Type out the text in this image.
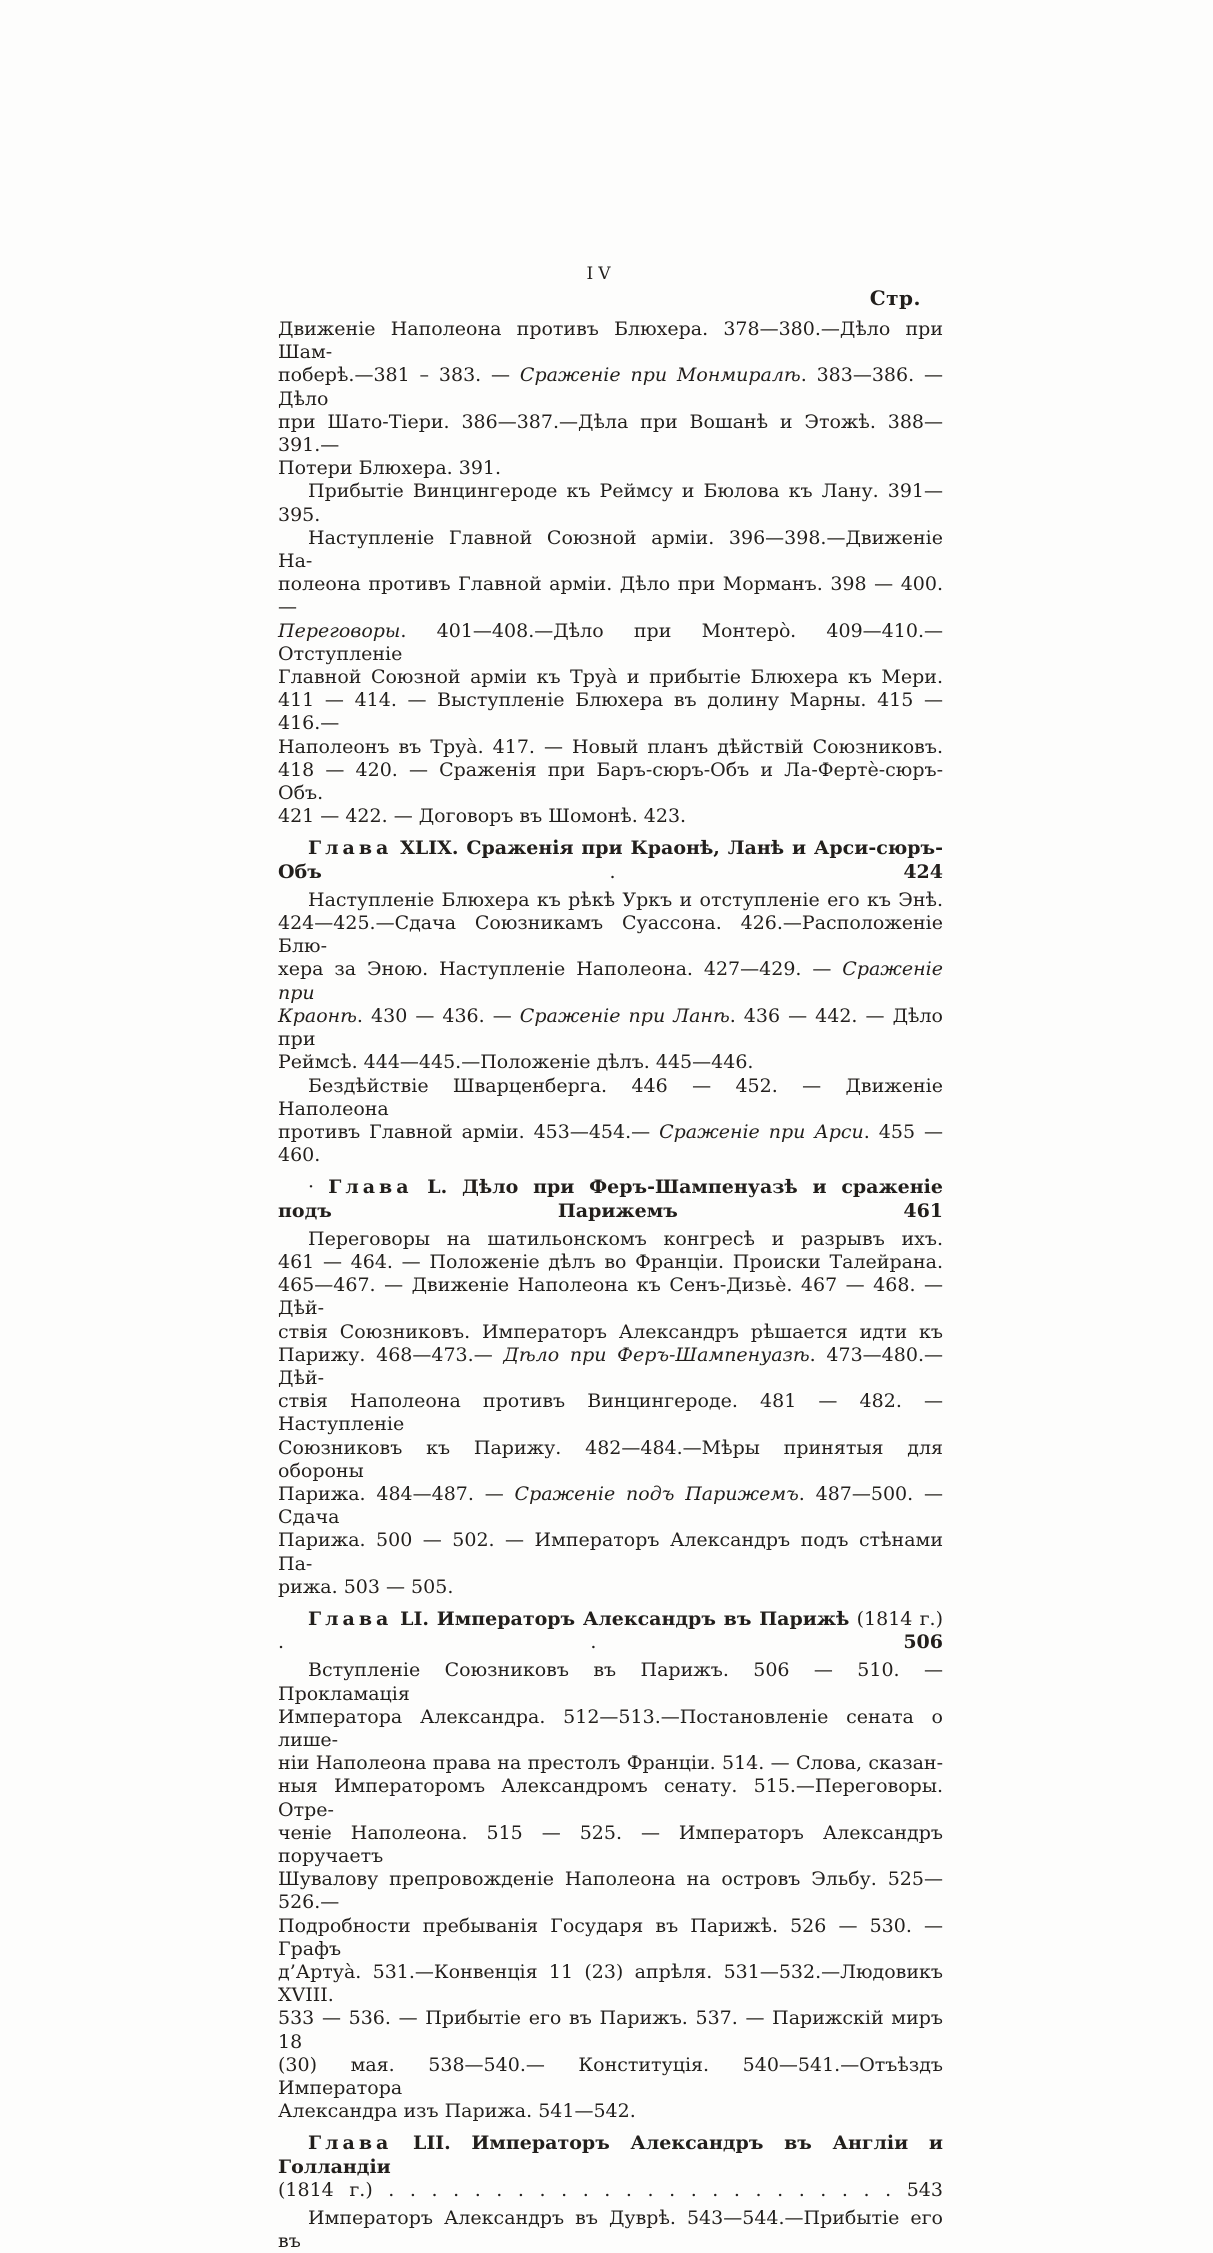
IV
Стр.
Движеніе Наполеона противъ Блюхера. 378—380.—Дѣло при Шам-
поберѣ.—381 – 383. — Сраженіе при Монмиралѣ. 383—386. — Дѣло
при Шато-Тіери. 386—387.—Дѣла при Вошанѣ и Этожѣ. 388—391.—
Потери Блюхера. 391.
Прибытіе Винцингероде къ Реймсу и Бюлова къ Лану. 391—395.
Наступленіе Главной Союзной арміи. 396—398.—Движеніе На-
полеона противъ Главной арміи. Дѣло при Морманъ. 398 — 400. —
Переговоры. 401—408.—Дѣло при Монтерò. 409—410.—Отступленіе
Главной Союзной арміи къ Труà и прибытіе Блюхера къ Мери.
411 — 414. — Выступленіе Блюхера въ долину Марны. 415 — 416.—
Наполеонъ въ Труà. 417. — Новый планъ дѣйствій Союзниковъ.
418 — 420. — Сраженія при Баръ-сюръ-Объ и Ла-Фертè-сюръ-Объ.
421 — 422. — Договоръ въ Шомонѣ. 423.
Глава XLIX. Сраженія при Краонѣ, Ланѣ и Арси-сюръ-Объ . 424
Наступленіе Блюхера къ рѣкѣ Уркъ и отступленіе его къ Энѣ.
424—425.—Сдача Союзникамъ Суассона. 426.—Расположеніе Блю-
хера за Эною. Наступленіе Наполеона. 427—429. — Сраженіе при
Краонѣ. 430 — 436. — Сраженіе при Ланѣ. 436 — 442. — Дѣло при
Реймсѣ. 444—445.—Положеніе дѣлъ. 445—446.
Бездѣйствіе Шварценберга. 446 — 452. — Движеніе Наполеона
противъ Главной арміи. 453—454.— Сраженіе при Арси. 455 — 460.
· Глава L. Дѣло при Феръ-Шампенуазѣ и сраженіе подъ Парижемъ	461
Переговоры на шатильонскомъ конгресѣ и разрывъ ихъ.
461 — 464. — Положеніе дѣлъ во Франціи. Происки Талейрана.
465—467. — Движеніе Наполеона къ Сенъ-Дизьè. 467 — 468. — Дѣй-
ствія Союзниковъ. Императоръ Александръ рѣшается идти къ
Парижу. 468—473.— Дѣло при Феръ-Шампенуазѣ. 473—480.—Дѣй-
ствія Наполеона противъ Винцингероде. 481 — 482. — Наступленіе
Союзниковъ къ Парижу. 482—484.—Мѣры принятыя для обороны
Парижа. 484—487. — Сраженіе подъ Парижемъ. 487—500. — Сдача
Парижа. 500 — 502. — Императоръ Александръ подъ стѣнами Па-
рижа. 503 — 505.
Глава LI. Императоръ Александръ въ Парижѣ (1814 г.) . . 506
Вступленіе Союзниковъ въ Парижъ. 506 — 510. — Прокламація
Императора Александра. 512—513.—Постановленіе сената о лише-
ніи Наполеона права на престолъ Франціи. 514. — Слова, сказан-
ныя Императоромъ Александромъ сенату. 515.—Переговоры. Отре-
ченіе Наполеона. 515 — 525. — Императоръ Александръ поручаетъ
Шувалову препровожденіе Наполеона на островъ Эльбу. 525—526.—
Подробности пребыванія Государя въ Парижѣ. 526 — 530. — Графъ
д’Артуà. 531.—Конвенція 11 (23) апрѣля. 531—532.—Людовикъ XVIII.
533 — 536. — Прибытіе его въ Парижъ. 537. — Парижскій миръ 18
(30) мая. 538—540.— Конституція. 540—541.—Отъѣздъ Императора
Александра изъ Парижа. 541—542.
Глава LII. Императоръ Александръ въ Англіи и Голландіи
(1814 г.) . . . . . . . . . . . . . . . . . . . . . . . . 543
Императоръ Александръ въ Дуврѣ. 543—544.—Прибытіе его въ
